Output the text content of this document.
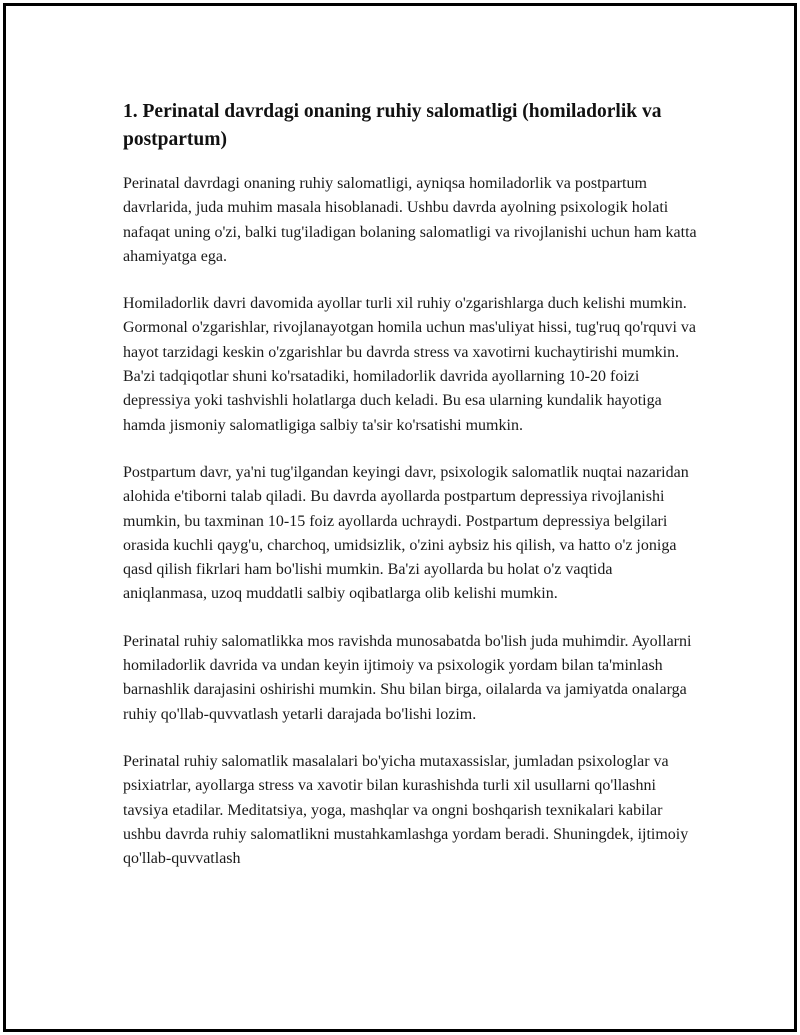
1. Perinatal davrdagi onaning ruhiy salomatligi (homiladorlik va postpartum)

Perinatal davrdagi onaning ruhiy salomatligi, ayniqsa homiladorlik va postpartum davrlarida, juda muhim masala hisoblanadi. Ushbu davrda ayolning psixologik holati nafaqat uning o'zi, balki tug'iladigan bolaning salomatligi va rivojlanishi uchun ham katta ahamiyatga ega.

Homiladorlik davri davomida ayollar turli xil ruhiy o'zgarishlarga duch kelishi mumkin. Gormonal o'zgarishlar, rivojlanayotgan homila uchun mas'uliyat hissi, tug'ruq qo'rquvi va hayot tarzidagi keskin o'zgarishlar bu davrda stress va xavotirni kuchaytirishi mumkin. Ba'zi tadqiqotlar shuni ko'rsatadiki, homiladorlik davrida ayollarning 10-20 foizi depressiya yoki tashvishli holatlarga duch keladi. Bu esa ularning kundalik hayotiga hamda jismoniy salomatligiga salbiy ta'sir ko'rsatishi mumkin.

Postpartum davr, ya'ni tug'ilgandan keyingi davr, psixologik salomatlik nuqtai nazaridan alohida e'tiborni talab qiladi. Bu davrda ayollarda postpartum depressiya rivojlanishi mumkin, bu taxminan 10-15 foiz ayollarda uchraydi. Postpartum depressiya belgilari orasida kuchli qayg'u, charchoq, umidsizlik, o'zini aybsiz his qilish, va hatto o'z joniga qasd qilish fikrlari ham bo'lishi mumkin. Ba'zi ayollarda bu holat o'z vaqtida aniqlanmasa, uzoq muddatli salbiy oqibatlarga olib kelishi mumkin.

Perinatal ruhiy salomatlikka mos ravishda munosabatda bo'lish juda muhimdir. Ayollarni homiladorlik davrida va undan keyin ijtimoiy va psixologik yordam bilan ta'minlash barnashlik darajasini oshirishi mumkin. Shu bilan birga, oilalarda va jamiyatda onalarga ruhiy qo'llab-quvvatlash yetarli darajada bo'lishi lozim.

Perinatal ruhiy salomatlik masalalari bo'yicha mutaxassislar, jumladan psixologlar va psixiatrlar, ayollarga stress va xavotir bilan kurashishda turli xil usullarni qo'llashni tavsiya etadilar. Meditatsiya, yoga, mashqlar va ongni boshqarish texnikalari kabilar ushbu davrda ruhiy salomatlikni mustahkamlashga yordam beradi. Shuningdek, ijtimoiy qo'llab-quvvatlash
